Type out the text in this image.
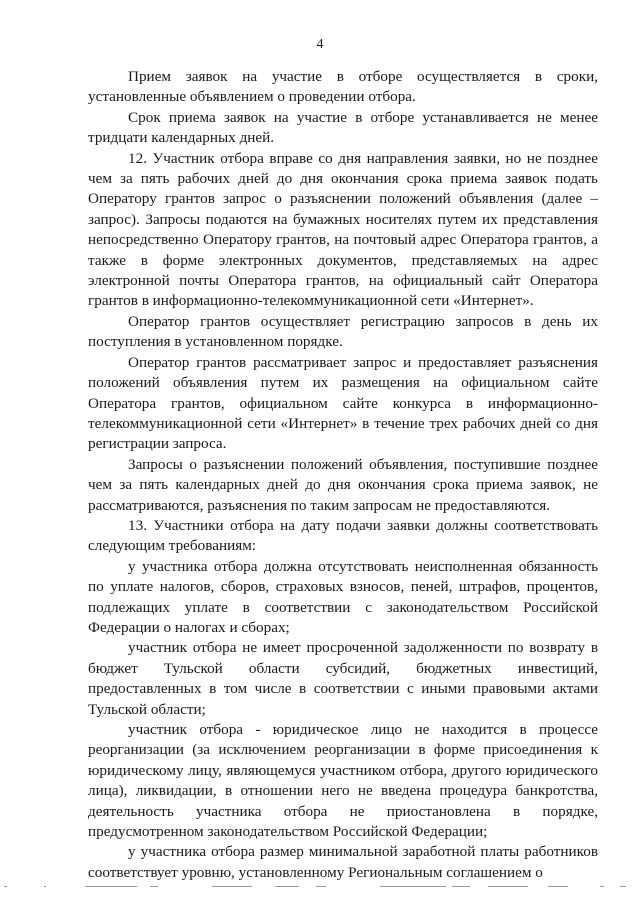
4

Прием заявок на участие в отборе осуществляется в сроки, установленные объявлением о проведении отбора.

Срок приема заявок на участие в отборе устанавливается не менее тридцати календарных дней.

12. Участник отбора вправе со дня направления заявки, но не позднее чем за пять рабочих дней до дня окончания срока приема заявок подать Оператору грантов запрос о разъяснении положений объявления (далее – запрос). Запросы подаются на бумажных носителях путем их представления непосредственно Оператору грантов, на почтовый адрес Оператора грантов, а также в форме электронных документов, представляемых на адрес электронной почты Оператора грантов, на официальный сайт Оператора грантов в информационно-телекоммуникационной сети «Интернет».

Оператор грантов осуществляет регистрацию запросов в день их поступления в установленном порядке.

Оператор грантов рассматривает запрос и предоставляет разъяснения положений объявления путем их размещения на официальном сайте Оператора грантов, официальном сайте конкурса в информационно-телекоммуникационной сети «Интернет» в течение трех рабочих дней со дня регистрации запроса.

Запросы о разъяснении положений объявления, поступившие позднее чем за пять календарных дней до дня окончания срока приема заявок, не рассматриваются, разъяснения по таким запросам не предоставляются.

13. Участники отбора на дату подачи заявки должны соответствовать следующим требованиям:

у участника отбора должна отсутствовать неисполненная обязанность по уплате налогов, сборов, страховых взносов, пеней, штрафов, процентов, подлежащих уплате в соответствии с законодательством Российской Федерации о налогах и сборах;

участник отбора не имеет просроченной задолженности по возврату в бюджет Тульской области субсидий, бюджетных инвестиций, предоставленных в том числе в соответствии с иными правовыми актами Тульской области;

участник отбора - юридическое лицо не находится в процессе реорганизации (за исключением реорганизации в форме присоединения к юридическому лицу, являющемуся участником отбора, другого юридического лица), ликвидации, в отношении него не введена процедура банкротства, деятельность участника отбора не приостановлена в порядке, предусмотренном законодательством Российской Федерации;

у участника отбора размер минимальной заработной платы работников соответствует уровню, установленному Региональным соглашением о
